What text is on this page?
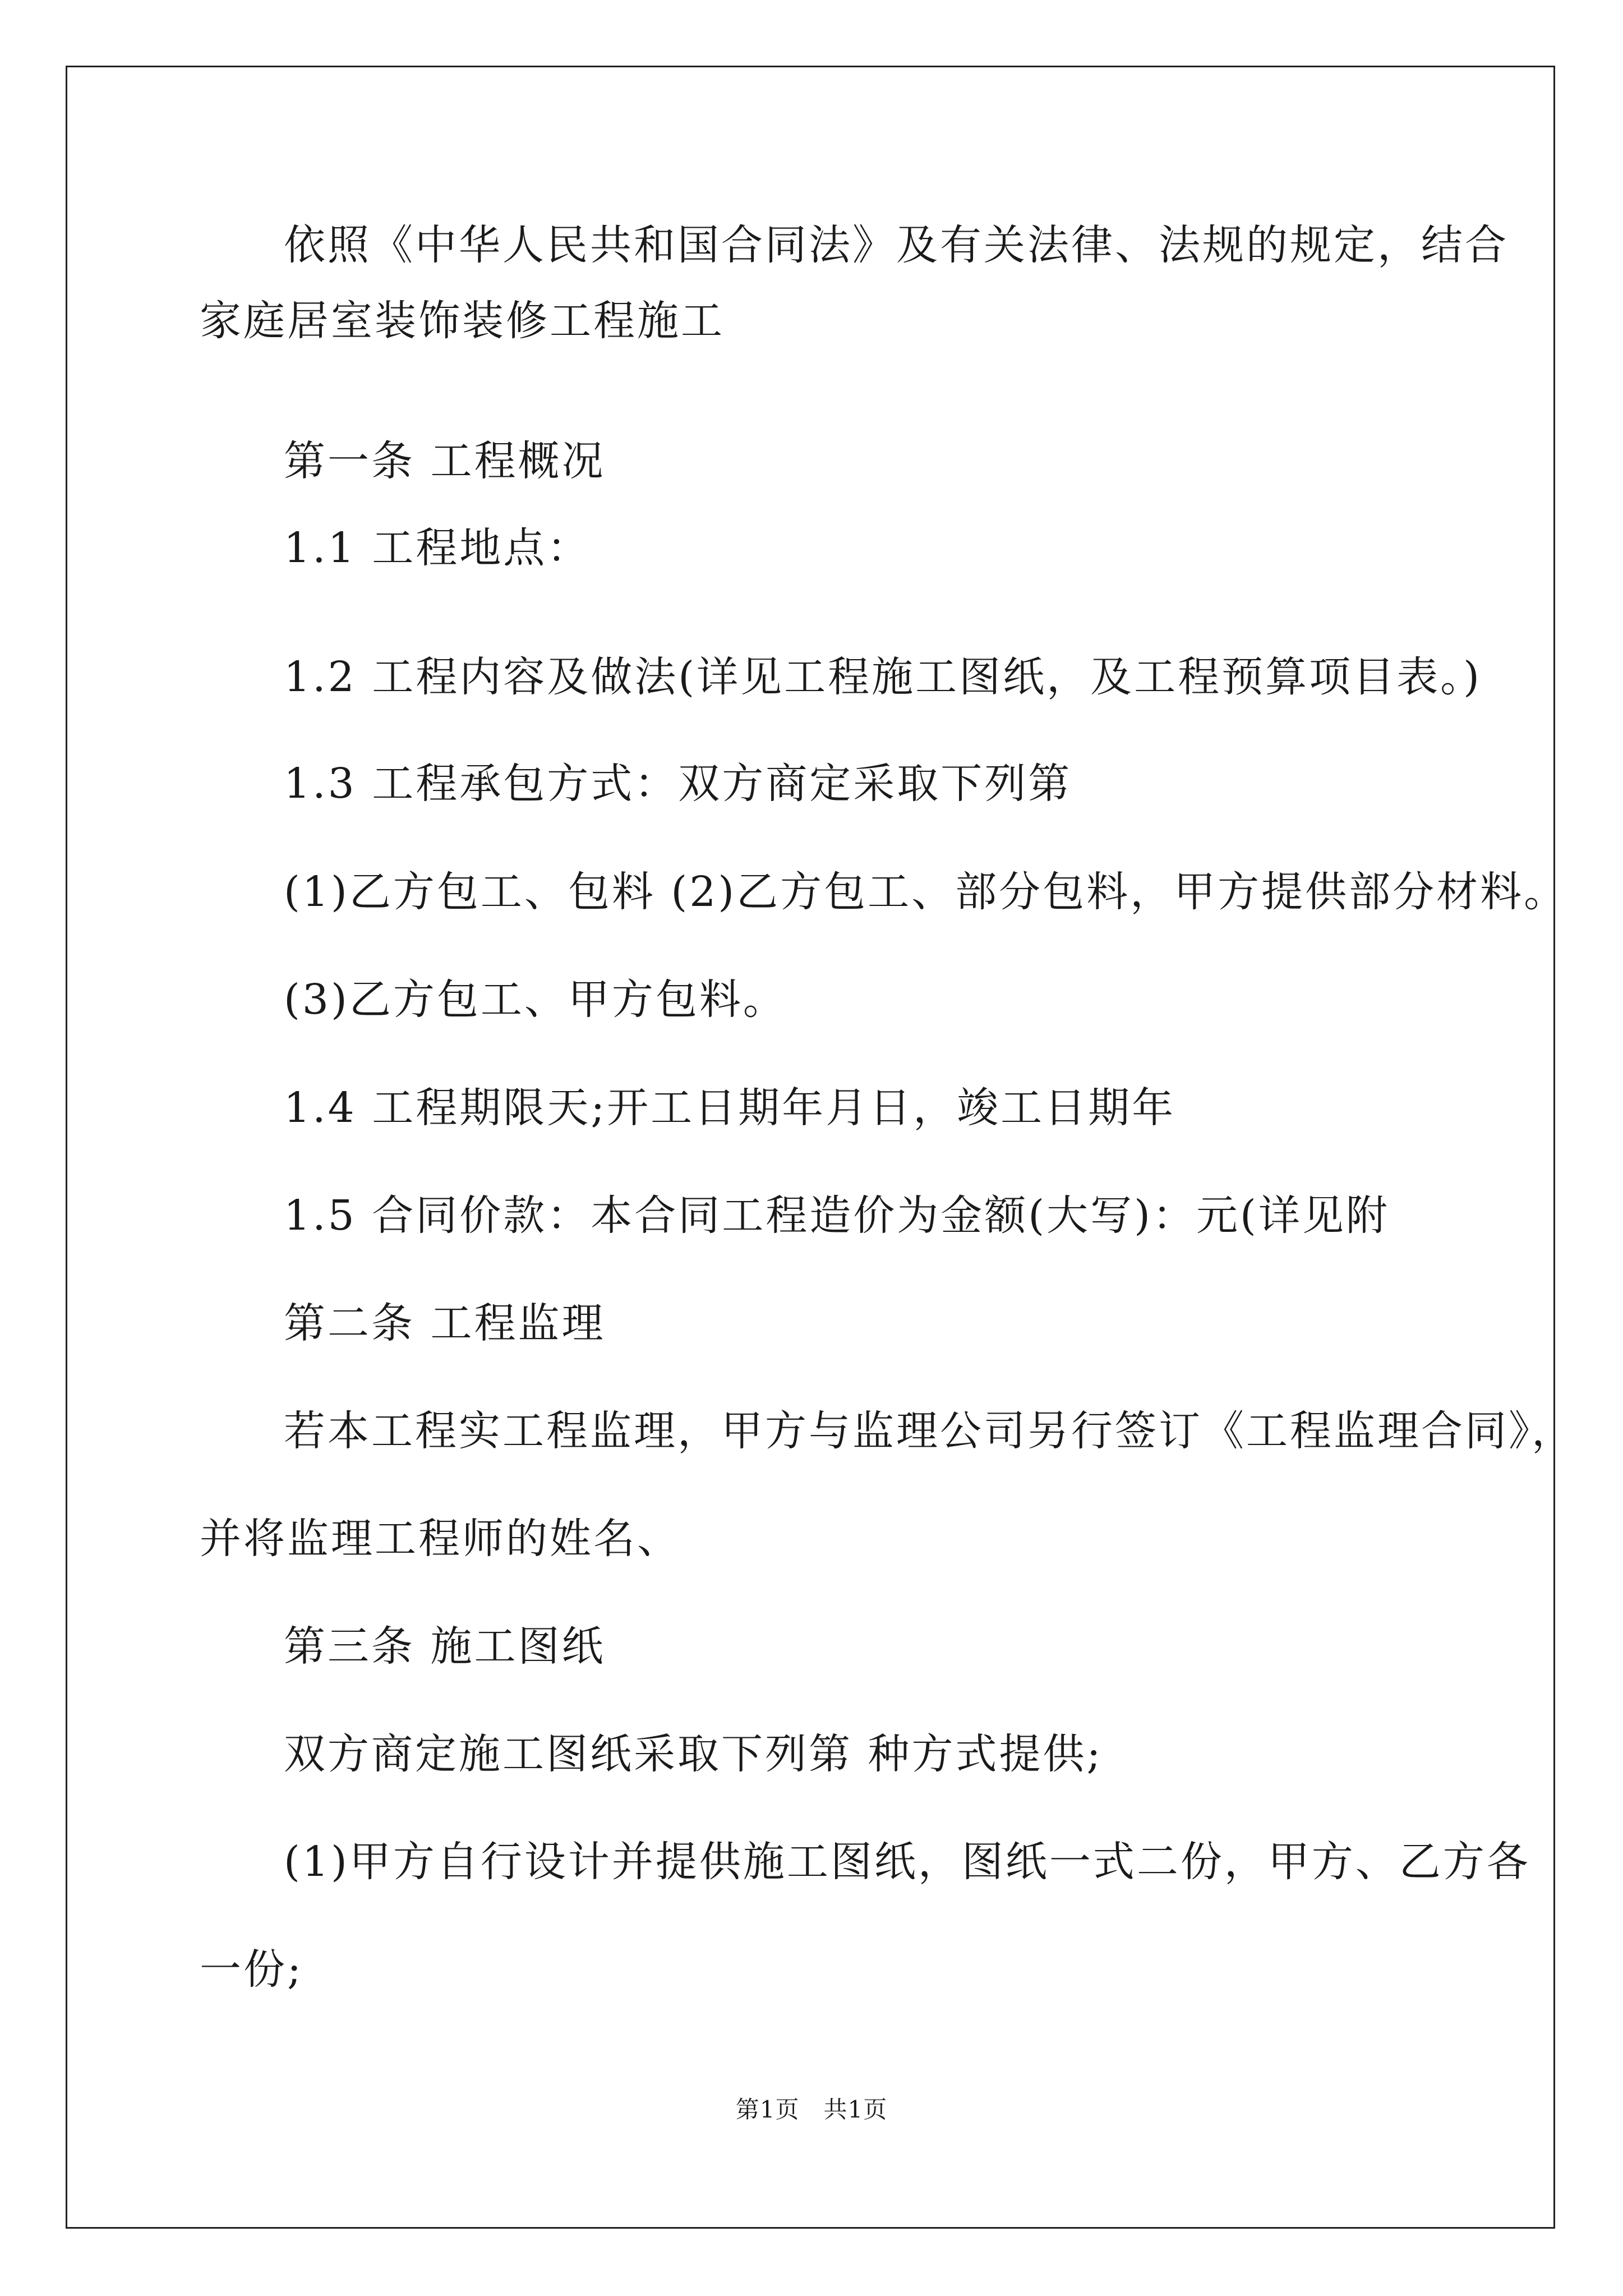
依照《中华人民共和国合同法》及有关法律、法规的规定，结合
家庭居室装饰装修工程施工
第一条 工程概况
1.1 工程地点：
1.2 工程内容及做法(详见工程施工图纸，及工程预算项目表。)
1.3 工程承包方式：双方商定采取下列第
(1)乙方包工、包料 (2)乙方包工、部分包料，甲方提供部分材料。
(3)乙方包工、甲方包料。
1.4 工程期限天;开工日期年月日，竣工日期年
1.5 合同价款：本合同工程造价为金额(大写)：元(详见附
第二条 工程监理
若本工程实工程监理，甲方与监理公司另行签订《工程监理合同》，
并将监理工程师的姓名、
第三条 施工图纸
双方商定施工图纸采取下列第 种方式提供;
(1)甲方自行设计并提供施工图纸，图纸一式二份，甲方、乙方各
一份;
第1页　共1页
